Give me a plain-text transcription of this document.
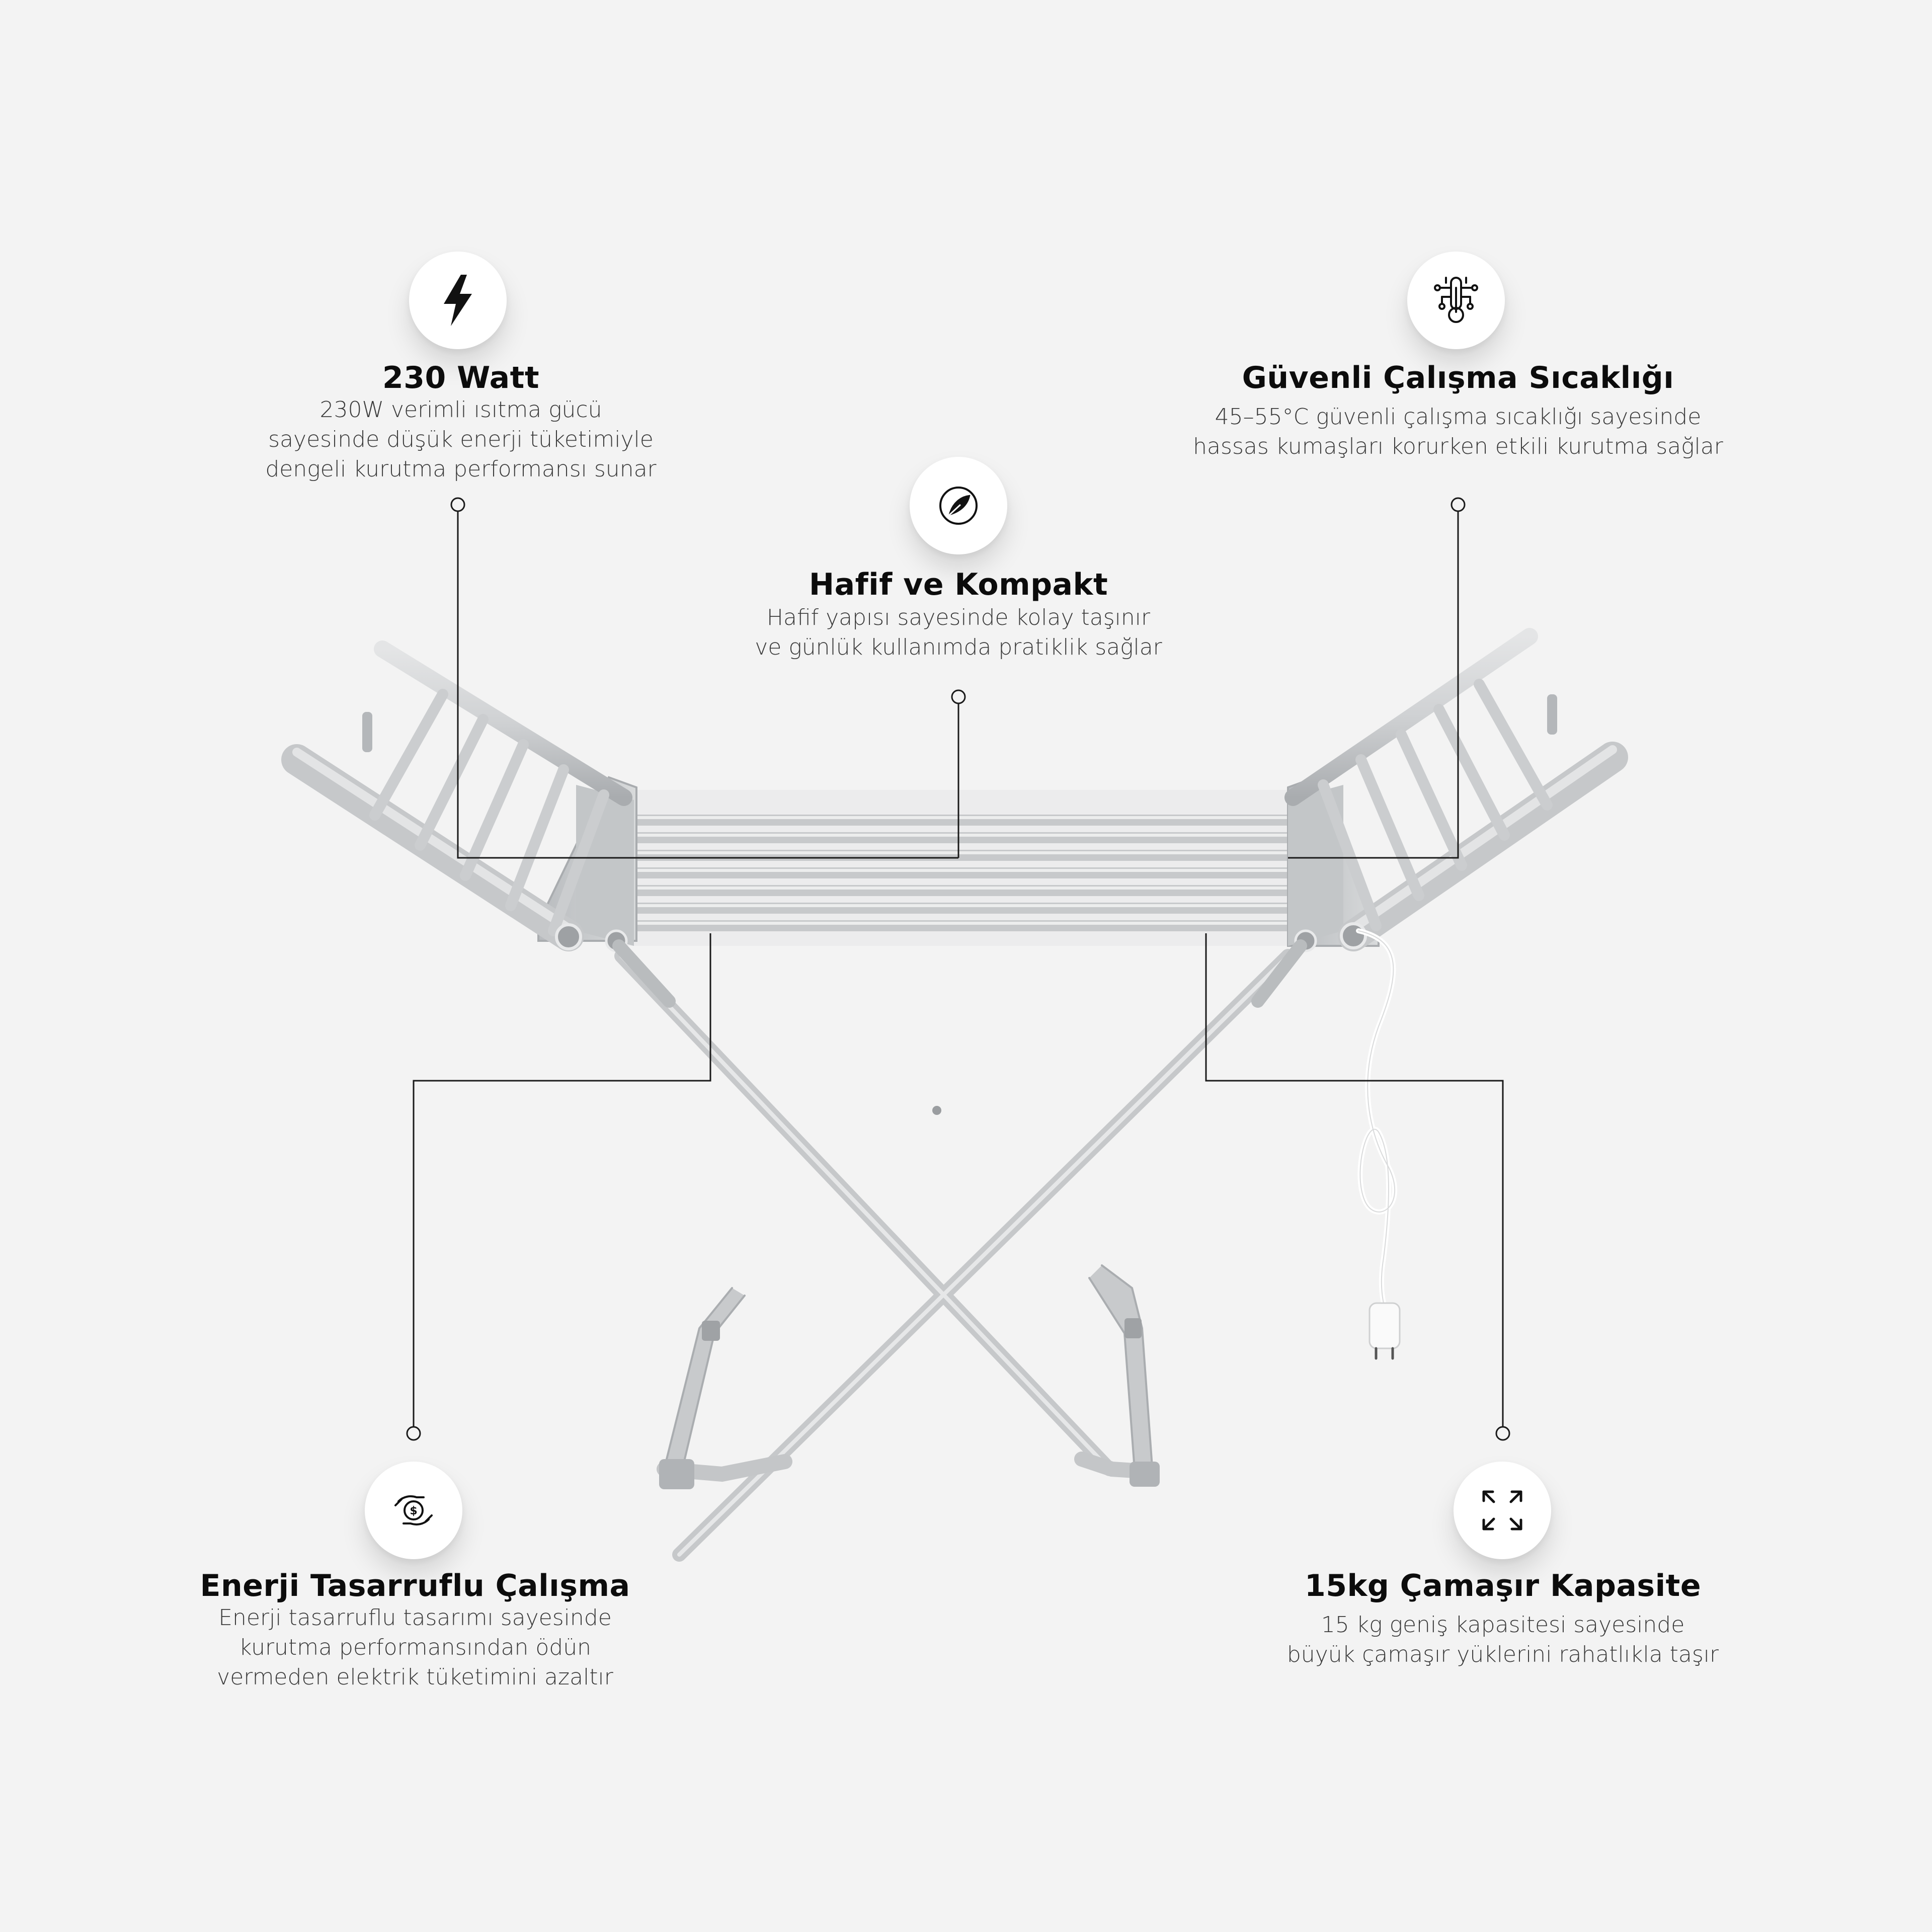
230 Watt
230W verimli ısıtma gücü
sayesinde düşük enerji tüketimiyle
dengeli kurutma performansı sunar
Güvenli Çalışma Sıcaklığı
45–55°C güvenli çalışma sıcaklığı sayesinde
hassas kumaşları korurken etkili kurutma sağlar
Hafif ve Kompakt
Hafif yapısı sayesinde kolay taşınır
ve günlük kullanımda pratiklik sağlar
$
Enerji Tasarruflu Çalışma
Enerji tasarruflu tasarımı sayesinde
kurutma performansından ödün
vermeden elektrik tüketimini azaltır
15kg Çamaşır Kapasite
15 kg geniş kapasitesi sayesinde
büyük çamaşır yüklerini rahatlıkla taşır
